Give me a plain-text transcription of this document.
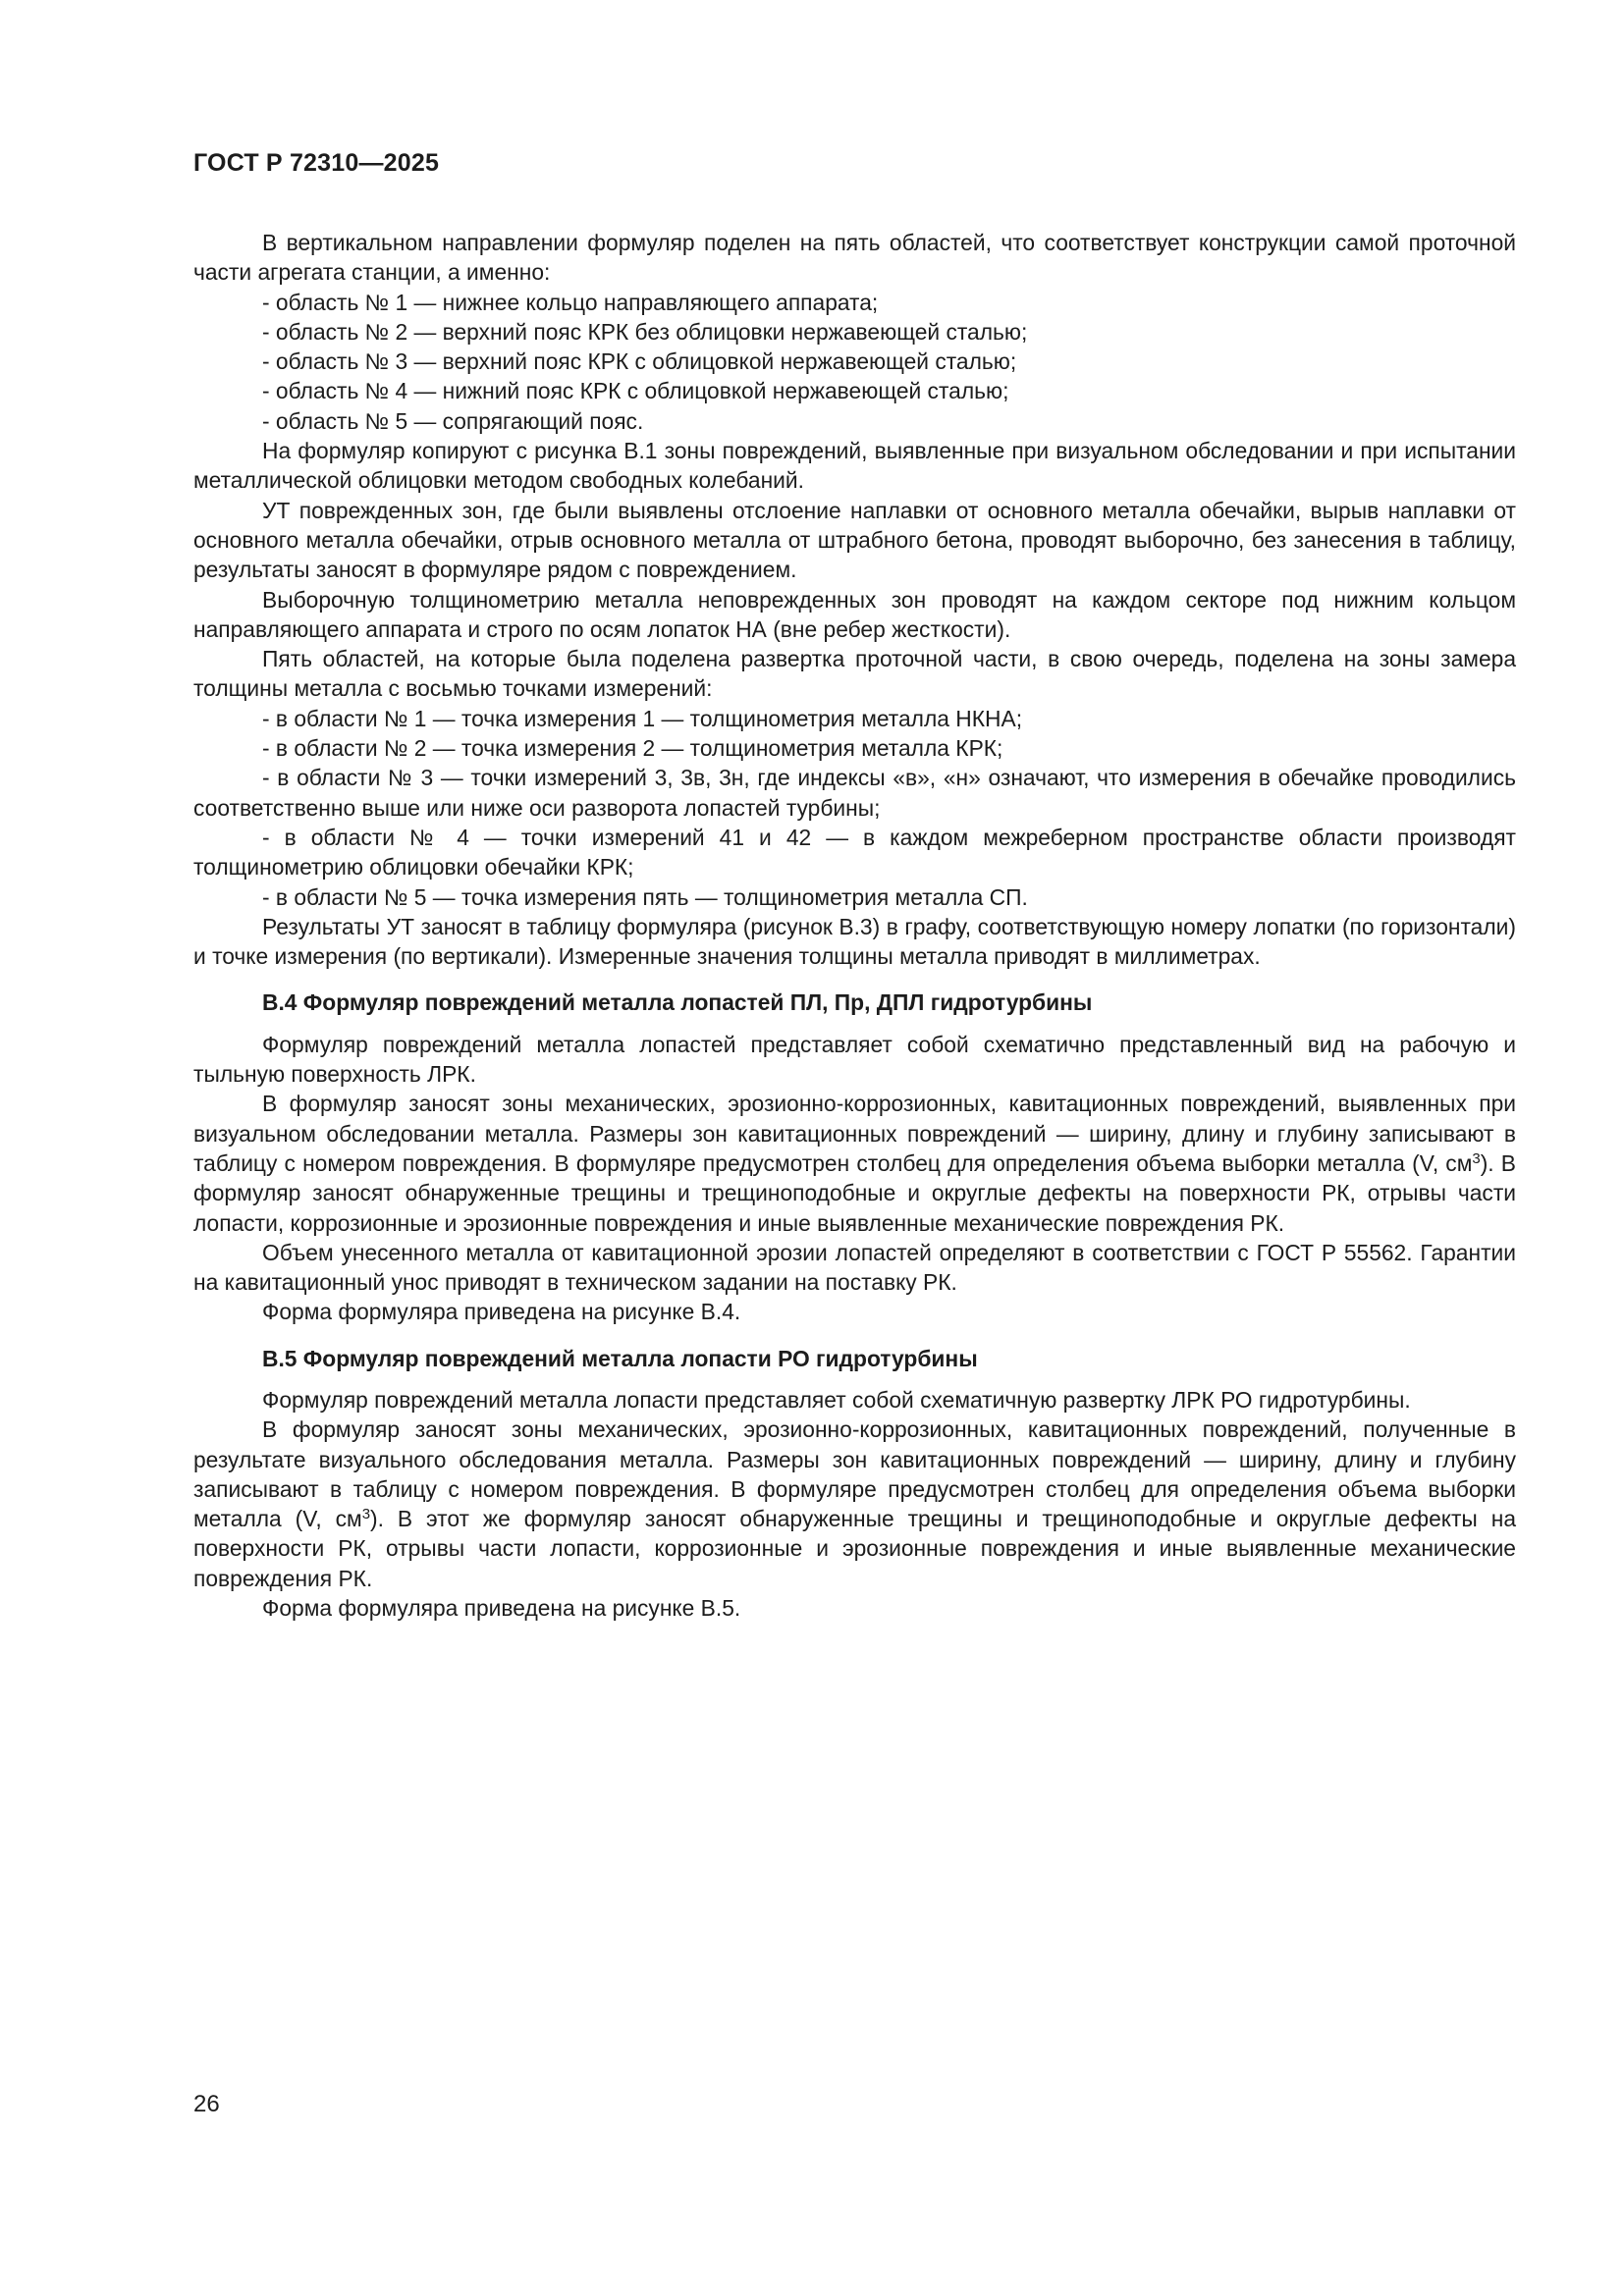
ГОСТ Р 72310—2025

В вертикальном направлении формуляр поделен на пять областей, что соответствует конструкции самой проточной части агрегата станции, а именно:

- область № 1 — нижнее кольцо направляющего аппарата;

- область № 2 — верхний пояс КРК без облицовки нержавеющей сталью;

- область № 3 — верхний пояс КРК с облицовкой нержавеющей сталью;

- область № 4 — нижний пояс КРК с облицовкой нержавеющей сталью;

- область № 5 — сопрягающий пояс.

На формуляр копируют с рисунка В.1 зоны повреждений, выявленные при визуальном обследовании и при испытании металлической облицовки методом свободных колебаний.

УТ поврежденных зон, где были выявлены отслоение наплавки от основного металла обечайки, вырыв наплавки от основного металла обечайки, отрыв основного металла от штрабного бетона, проводят выборочно, без занесения в таблицу, результаты заносят в формуляре рядом с повреждением.

Выборочную толщинометрию металла неповрежденных зон проводят на каждом секторе под нижним кольцом направляющего аппарата и строго по осям лопаток НА (вне ребер жесткости).

Пять областей, на которые была поделена развертка проточной части, в свою очередь, поделена на зоны замера толщины металла с восьмью точками измерений:

- в области № 1 — точка измерения 1 — толщинометрия металла НКНА;

- в области № 2 — точка измерения 2 — толщинометрия металла КРК;

- в области № 3 — точки измерений 3, 3в, 3н, где индексы «в», «н» означают, что измерения в обечайке проводились соответственно выше или ниже оси разворота лопастей турбины;

- в области № 4 — точки измерений 41 и 42 — в каждом межреберном пространстве области производят толщинометрию облицовки обечайки КРК;

- в области № 5 — точка измерения пять — толщинометрия металла СП.

Результаты УТ заносят в таблицу формуляра (рисунок В.3) в графу, соответствующую номеру лопатки (по горизонтали) и точке измерения (по вертикали). Измеренные значения толщины металла приводят в миллиметрах.

В.4 Формуляр повреждений металла лопастей ПЛ, Пр, ДПЛ гидротурбины

Формуляр повреждений металла лопастей представляет собой схематично представленный вид на рабочую и тыльную поверхность ЛРК.

В формуляр заносят зоны механических, эрозионно-коррозионных, кавитационных повреждений, выявленных при визуальном обследовании металла. Размеры зон кавитационных повреждений — ширину, длину и глубину записывают в таблицу с номером повреждения. В формуляре предусмотрен столбец для определения объема выборки металла (V, $см^3$). В формуляр заносят обнаруженные трещины и трещиноподобные и округлые дефекты на поверхности РК, отрывы части лопасти, коррозионные и эрозионные повреждения и иные выявленные механические повреждения РК.

Объем унесенного металла от кавитационной эрозии лопастей определяют в соответствии с ГОСТ Р 55562. Гарантии на кавитационный унос приводят в техническом задании на поставку РК.

Форма формуляра приведена на рисунке В.4.

В.5 Формуляр повреждений металла лопасти РО гидротурбины

Формуляр повреждений металла лопасти представляет собой схематичную развертку ЛРК РО гидротурбины.

В формуляр заносят зоны механических, эрозионно-коррозионных, кавитационных повреждений, полученные в результате визуального обследования металла. Размеры зон кавитационных повреждений — ширину, длину и глубину записывают в таблицу с номером повреждения. В формуляре предусмотрен столбец для определения объема выборки металла (V, $см^3$). В этот же формуляр заносят обнаруженные трещины и трещиноподобные и округлые дефекты на поверхности РК, отрывы части лопасти, коррозионные и эрозионные повреждения и иные выявленные механические повреждения РК.

Форма формуляра приведена на рисунке В.5.

26
